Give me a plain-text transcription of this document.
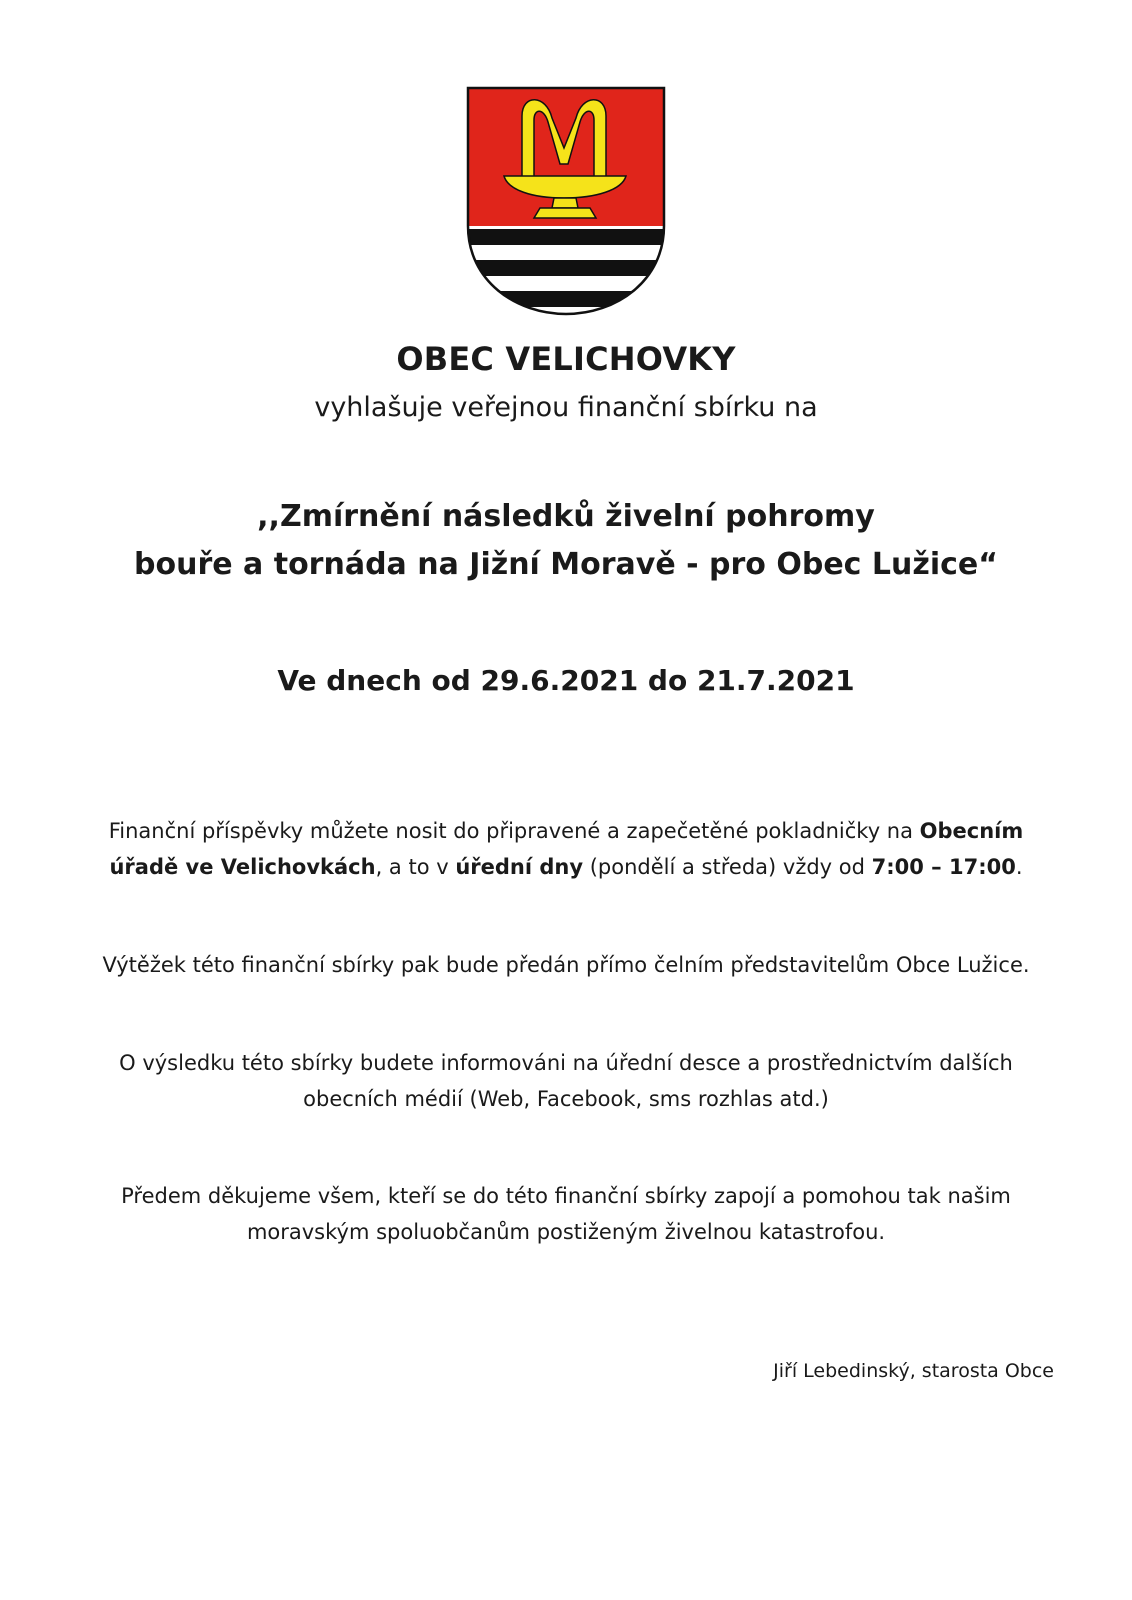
OBEC VELICHOVKY
vyhlašuje veřejnou finanční sbírku na
,,Zmírnění následků živelní pohromy
bouře a tornáda na Jižní Moravě - pro Obec Lužice“
Ve dnech od 29.6.2021 do 21.7.2021
Finanční příspěvky můžete nosit do připravené a zapečetěné pokladničky na Obecním
úřadě ve Velichovkách, a to v úřední dny (pondělí a středa) vždy od 7:00 – 17:00.
Výtěžek této finanční sbírky pak bude předán přímo čelním představitelům Obce Lužice.
O výsledku této sbírky budete informováni na úřední desce a prostřednictvím dalších
obecních médií (Web, Facebook, sms rozhlas atd.)
Předem děkujeme všem, kteří se do této finanční sbírky zapojí a pomohou tak našim
moravským spoluobčanům postiženým živelnou katastrofou.
Jiří Lebedinský, starosta Obce
